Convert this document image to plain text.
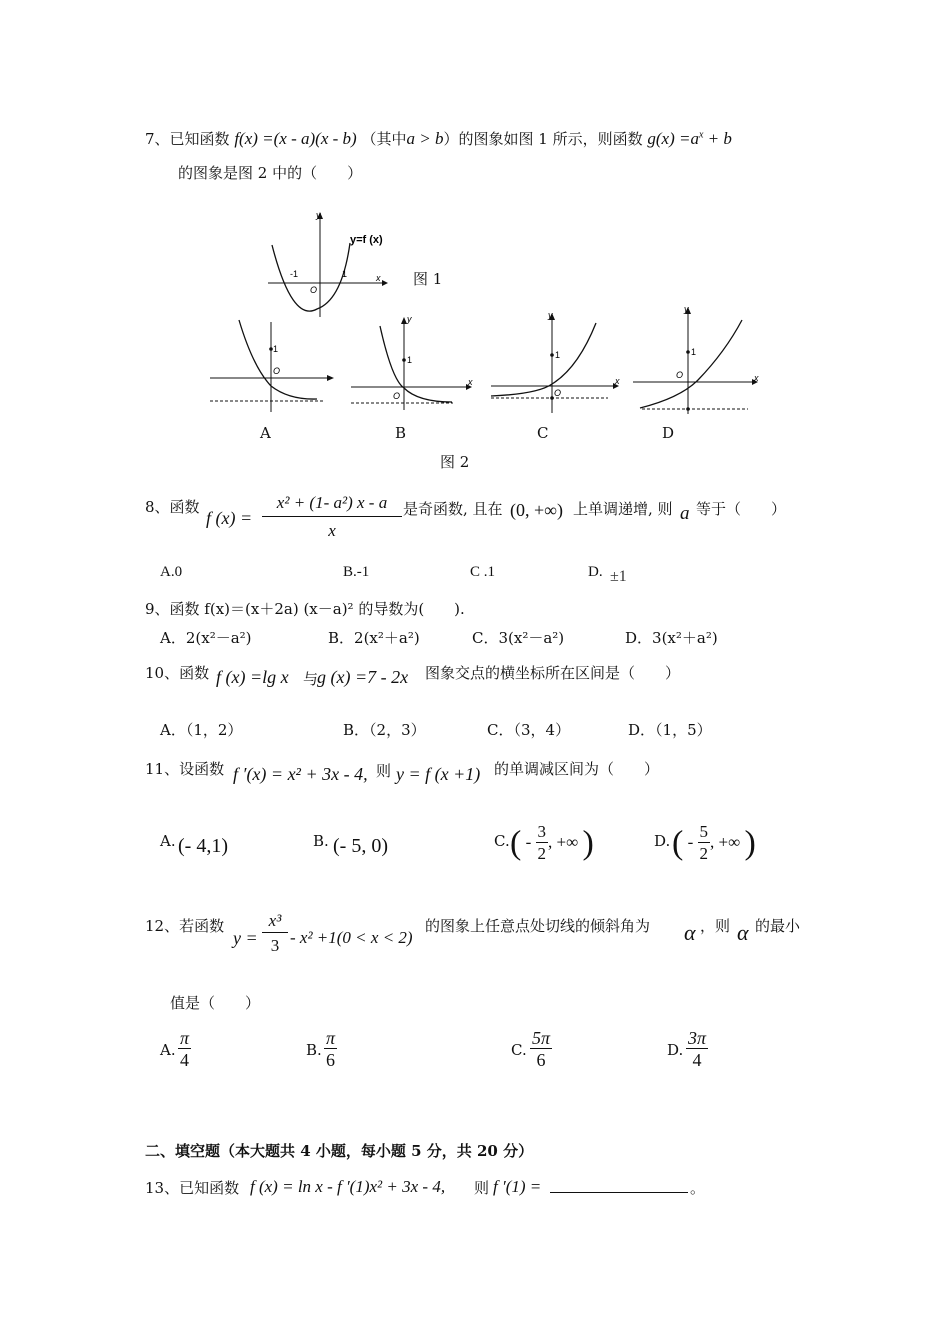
7、已知函数 f(x) =(x - a)(x - b) （其中a > b）的图象如图 1 所示，则函数 $g(x) =a^x + b$
的图象是图 2 中的（　　）
y
x
O
-1	1
y=f (x)
图 1
1
O
A
y
x
1
O
B
y
x
1
O
C
y
x
1
O
D
图 2
8、函数
f $(x) = \frac{\text{x² + (1- a²) x - a}}{x}$ 是奇函数, 且在 (0, +∞) 上单调递增, 则 a 等于（　　）
A.0	B.-1	C .1	D. ±1
9、函数 f(x)＝(x＋2a) (x－a)² 的导数为(　　).
A．2(x²－a²)	B．2(x²＋a²)	C．3(x²－a²)	D．3(x²＋a²)
10、函数 f (x) =lg x 与
g (x) =7 - 2x 图象交点的横坐标所在区间是（　　）
A．（1，2）	B．（2，3）	C．（3，4）	D．（1，5）
11、设函数 f ′(x) = x² + 3x - 4, 则 y = f (x +1) 的单调减区间为（　　）
A. (- 4,1)	B. (- 5, 0)	C. ( - $\frac{3}{2}$ , +∞ )	D. ( - $\frac{5}{2}$ , +∞ )
12、若函数
$y = \frac{\text{x³}}{3} - x^2 +1(0 < x < 2)$
的图象上任意点处切线的倾斜角为 α ，则 α 的最小
值是（　　）
A. $\frac{\pi}{4}$	B. $\frac{\pi}{6}$	C. $\frac{5\pi}{6}$	D. $\frac{3\pi}{4}$
二、填空题（本大题共 4 小题，每小题 5 分，共 20 分）
13、已知函数 f (x) = ln x - f ′(1)x² + 3x - 4, 则 f ′(1) =	。
